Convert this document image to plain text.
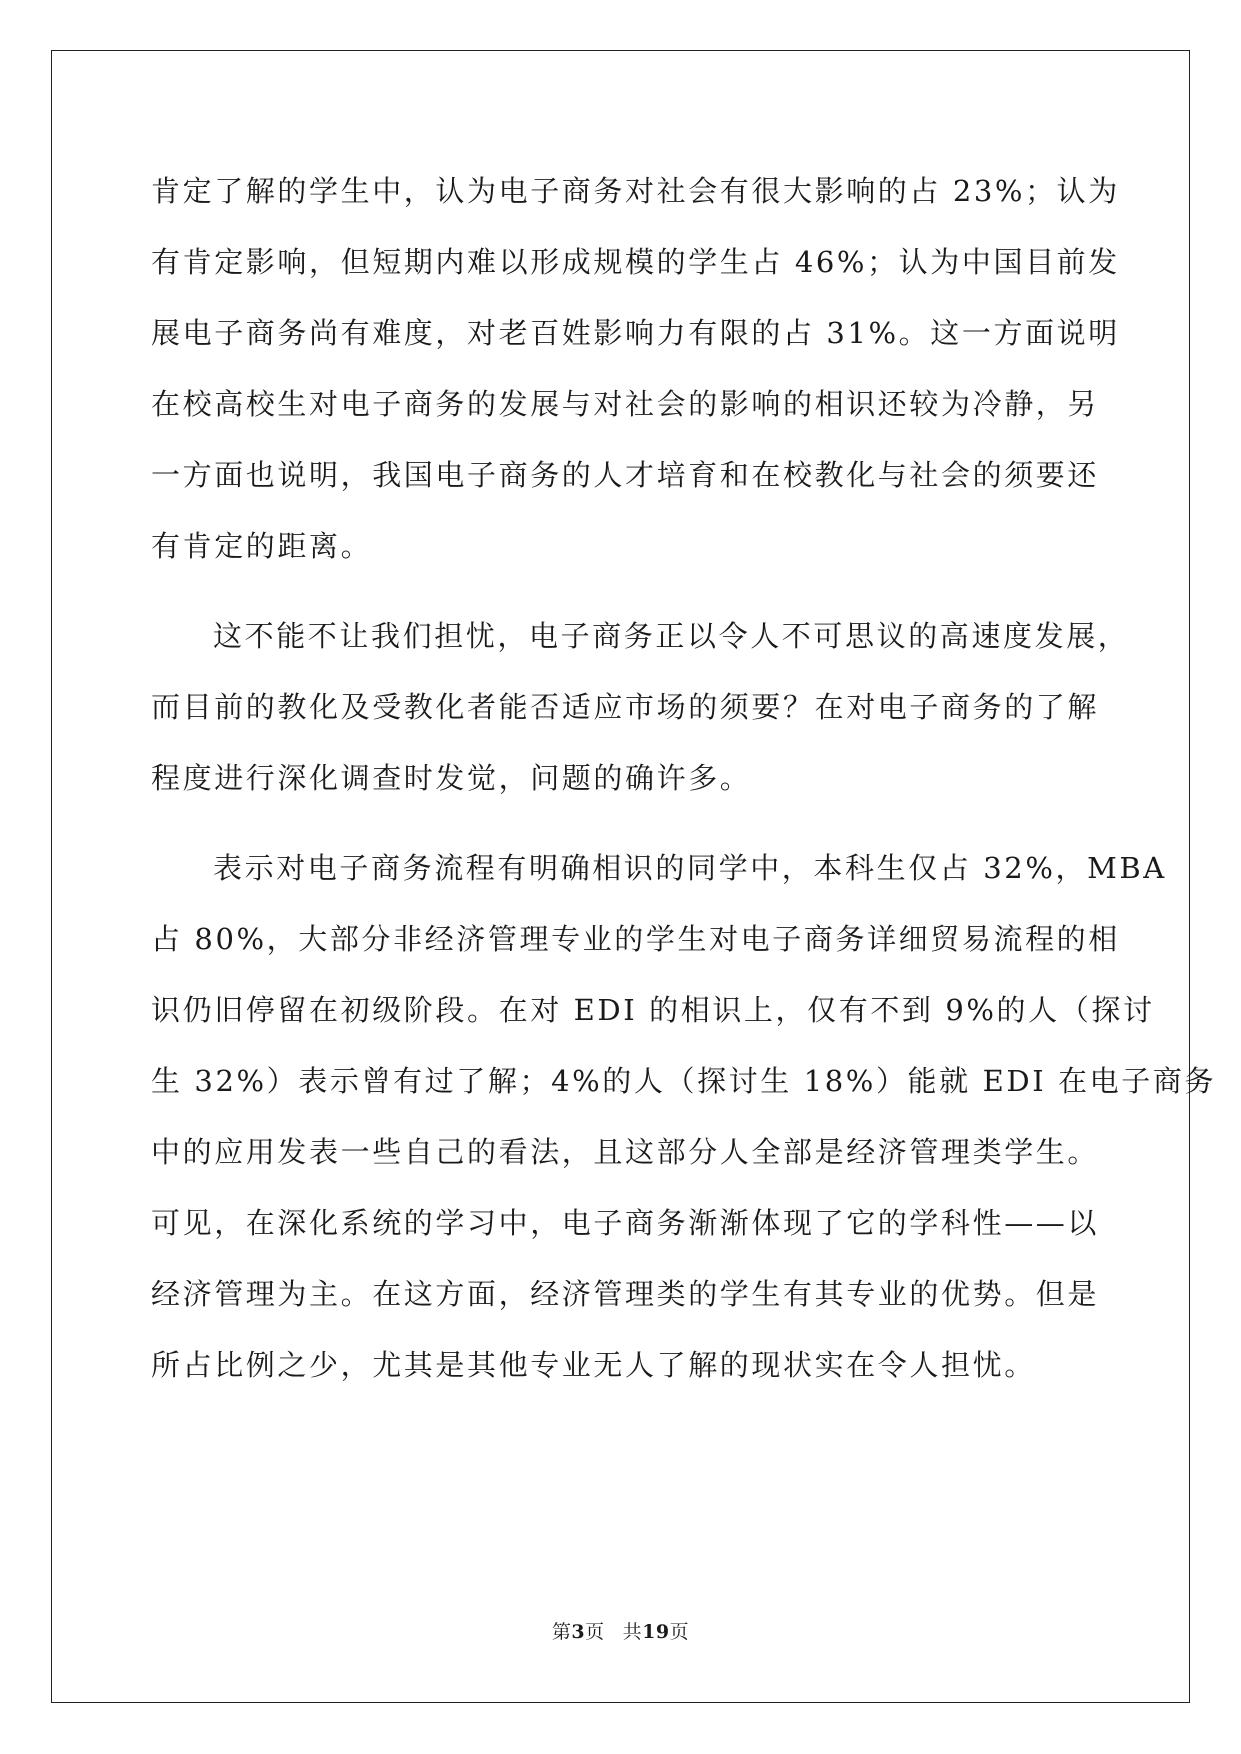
肯定了解的学生中，认为电子商务对社会有很大影响的占 23%；认为
有肯定影响，但短期内难以形成规模的学生占 46%；认为中国目前发
展电子商务尚有难度，对老百姓影响力有限的占 31%。这一方面说明
在校高校生对电子商务的发展与对社会的影响的相识还较为冷静，另
一方面也说明，我国电子商务的人才培育和在校教化与社会的须要还
有肯定的距离。
这不能不让我们担忧，电子商务正以令人不可思议的高速度发展，
而目前的教化及受教化者能否适应市场的须要？在对电子商务的了解
程度进行深化调查时发觉，问题的确许多。
表示对电子商务流程有明确相识的同学中，本科生仅占 32%，MBA
占 80%，大部分非经济管理专业的学生对电子商务详细贸易流程的相
识仍旧停留在初级阶段。在对 EDI 的相识上，仅有不到 9%的人（探讨
生 32%）表示曾有过了解；4%的人（探讨生 18%）能就 EDI 在电子商务
中的应用发表一些自己的看法，且这部分人全部是经济管理类学生。
可见，在深化系统的学习中，电子商务渐渐体现了它的学科性——以
经济管理为主。在这方面，经济管理类的学生有其专业的优势。但是
所占比例之少，尤其是其他专业无人了解的现状实在令人担忧。
第3页 共19页
